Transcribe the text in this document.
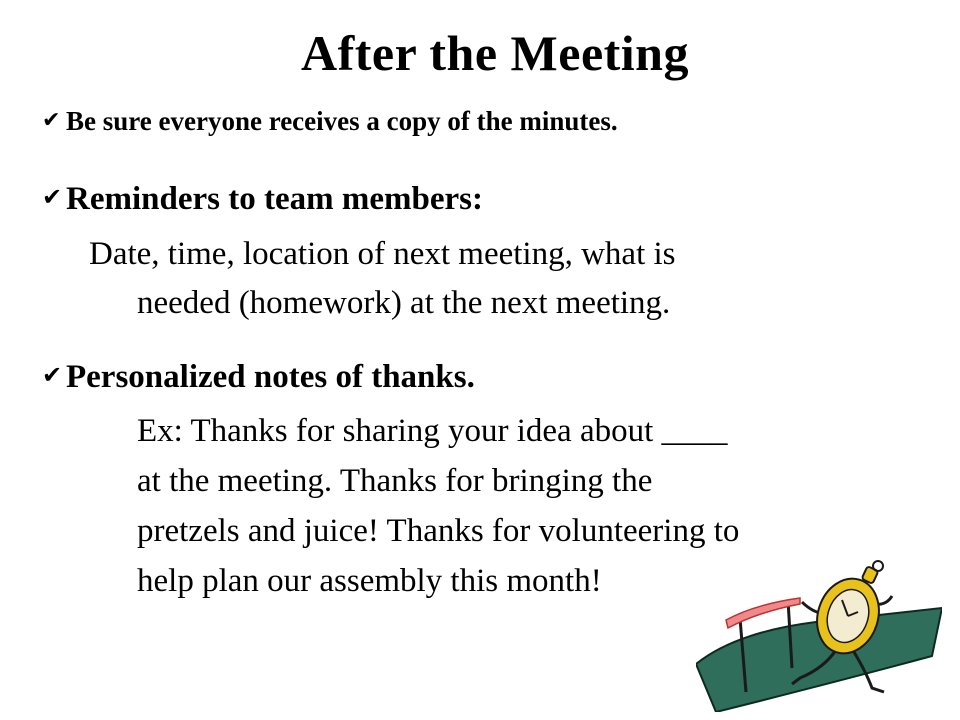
After the Meeting
✔ Be sure everyone receives a copy of the minutes.
✔ Reminders to team members:
Date, time, location of next meeting, what is
needed (homework) at the next meeting.
✔ Personalized notes of thanks.
Ex: Thanks for sharing your idea about ____
at the meeting. Thanks for bringing the
pretzels and juice! Thanks for volunteering to
help plan our assembly this month!
